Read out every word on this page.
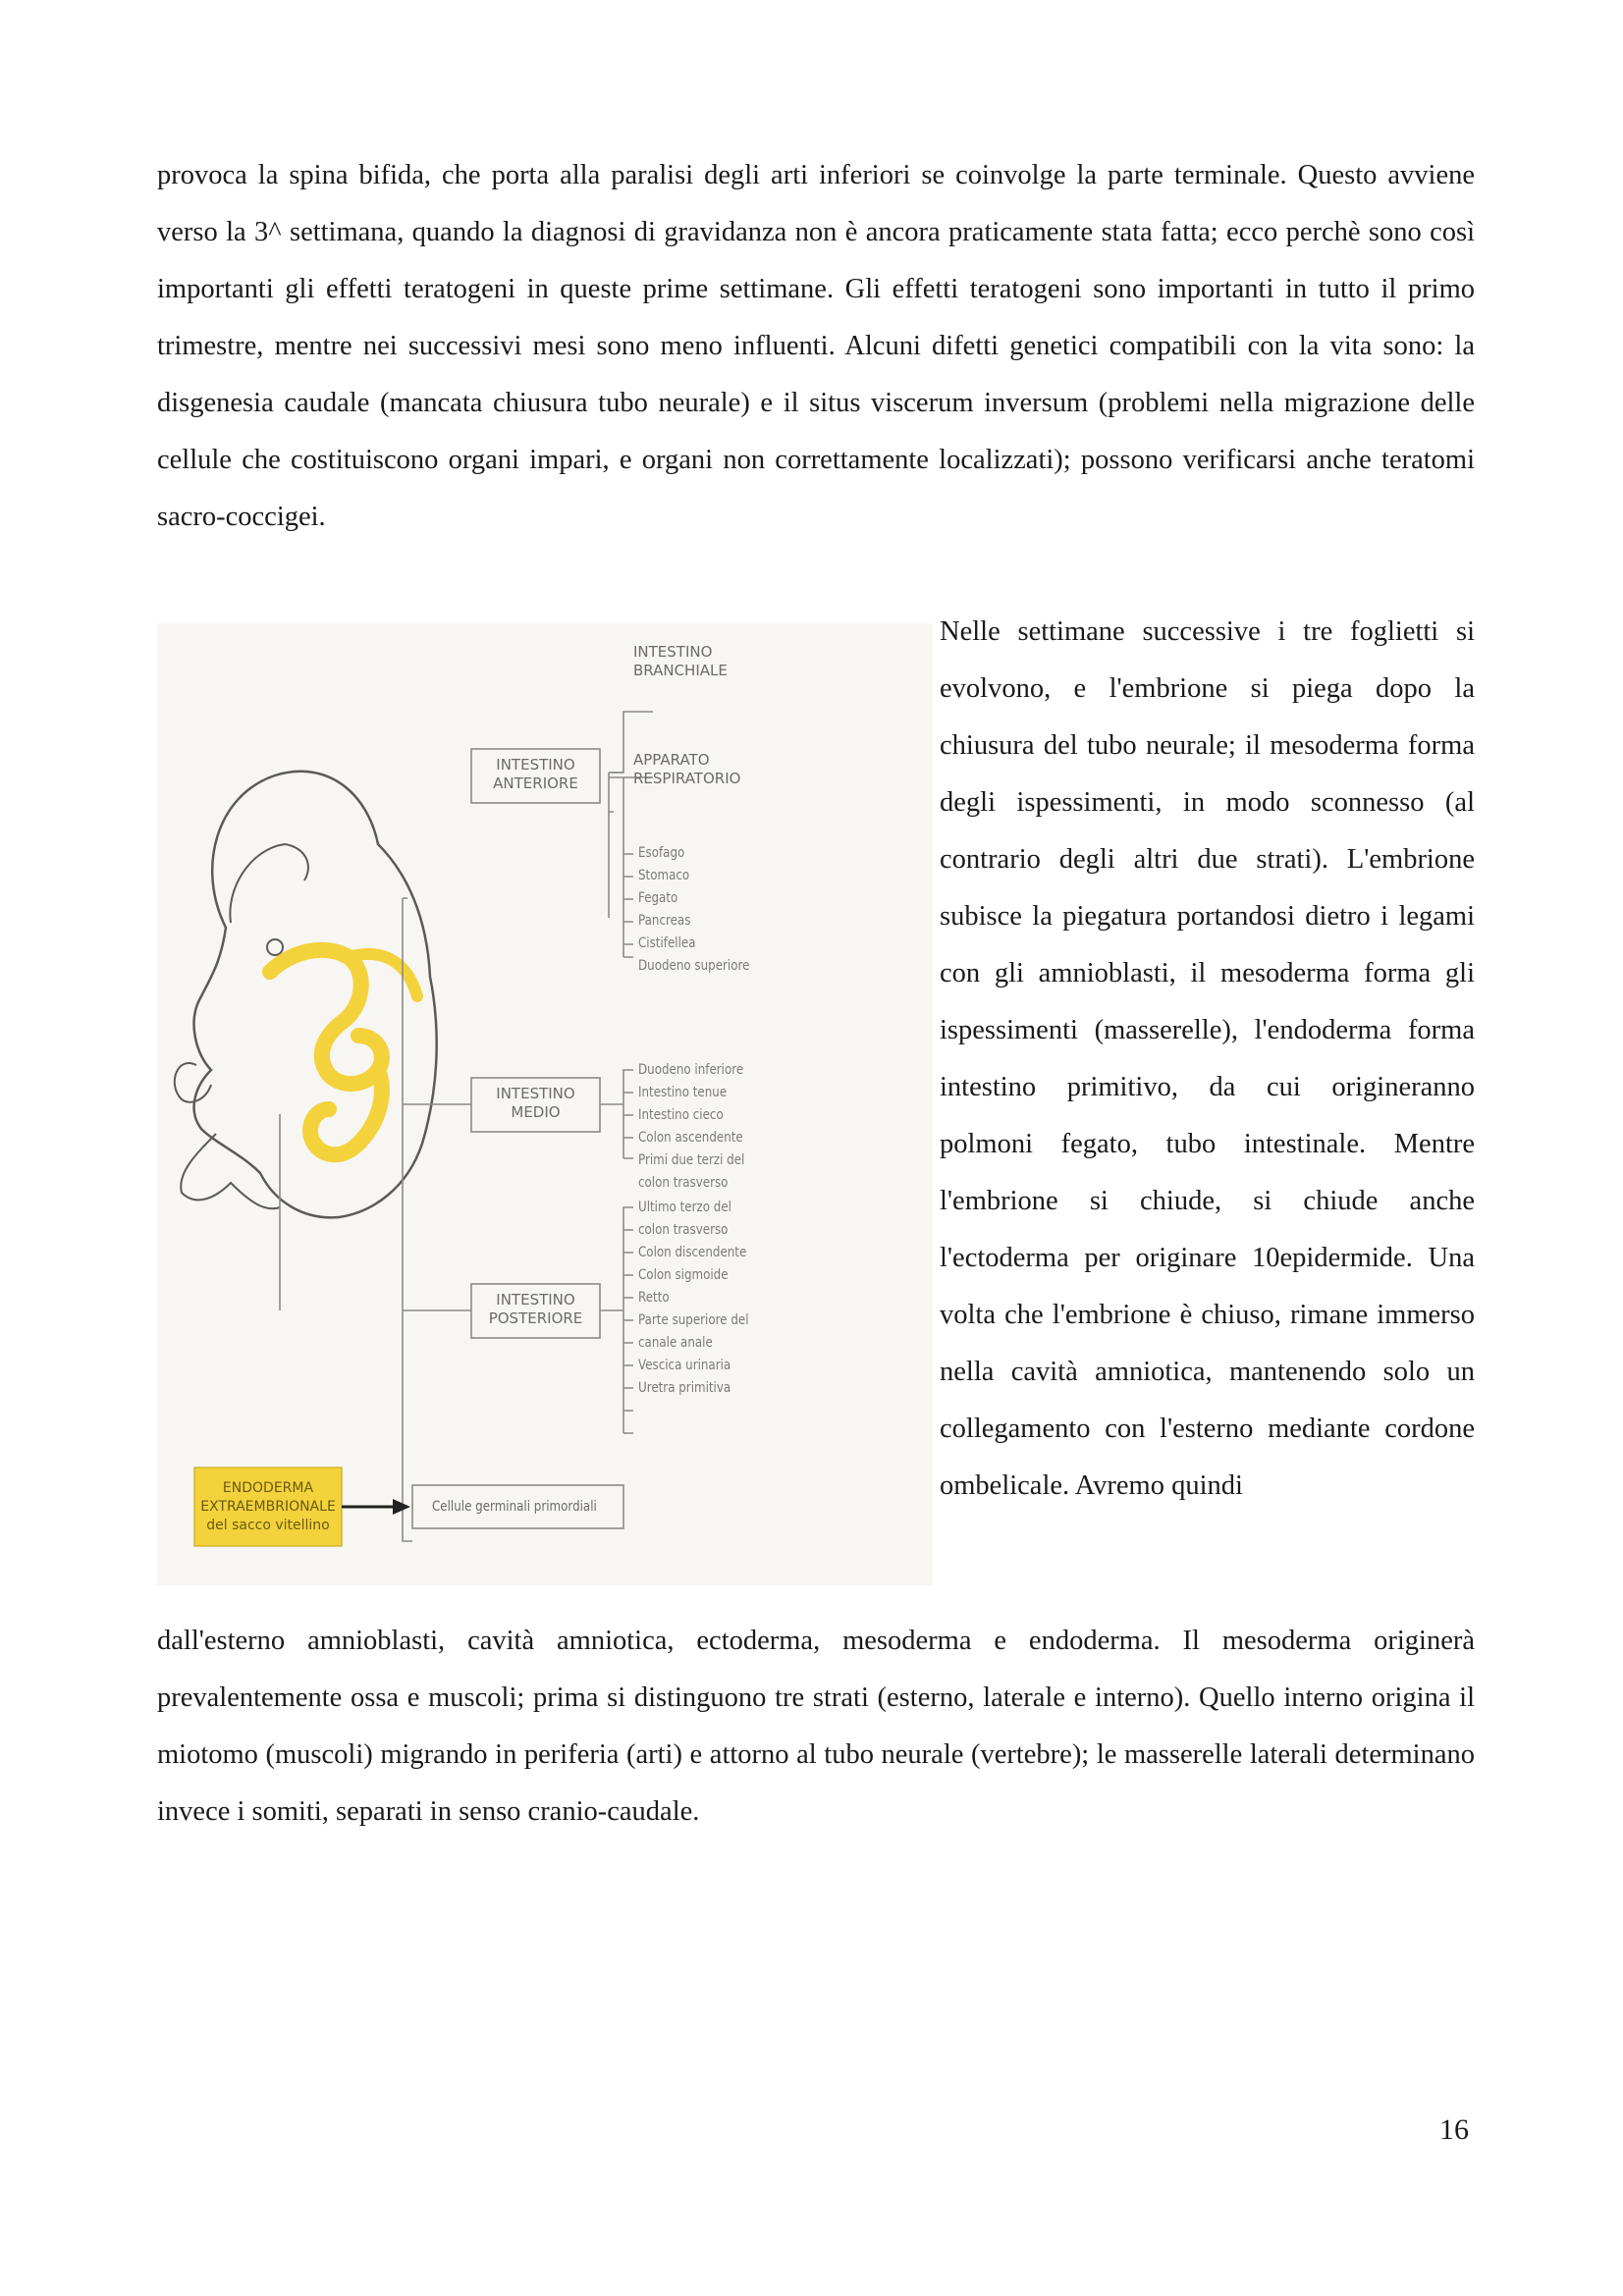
provoca la spina bifida, che porta alla paralisi degli arti inferiori se coinvolge la parte terminale. Questo avviene verso la 3^ settimana, quando la diagnosi di gravidanza non è ancora praticamente stata fatta; ecco perchè sono così importanti gli effetti teratogeni in queste prime settimane. Gli effetti teratogeni sono importanti in tutto il primo trimestre, mentre nei successivi mesi sono meno influenti. Alcuni difetti genetici compatibili con la vita sono: la disgenesia caudale (mancata chiusura tubo neurale) e il situs viscerum inversum (problemi nella migrazione delle cellule che costituiscono organi impari, e organi non correttamente localizzati); possono verificarsi anche teratomi sacro-coccigei.

INTESTINO
BRANCHIALE
INTESTINO
ANTERIORE
APPARATO
RESPIRATORIO
Esofago
Stomaco
Fegato
Pancreas
Cistifellea
Duodeno superiore
INTESTINO
MEDIO
Duodeno inferiore
Intestino tenue
Intestino cieco
Colon ascendente
Primi due terzi del
colon trasverso
INTESTINO
POSTERIORE
Ultimo terzo del
colon trasverso
Colon discendente
Colon sigmoide
Retto
Parte superiore del
canale anale
Vescica urinaria
Uretra primitiva
ENDODERMA
EXTRAEMBRIONALE
del sacco vitellino
Cellule germinali primordiali

Nelle settimane successive i tre foglietti si evolvono, e l'embrione si piega dopo la chiusura del tubo neurale; il mesoderma forma degli ispessimenti, in modo sconnesso (al contrario degli altri due strati). L'embrione subisce la piegatura portandosi dietro i legami con gli amnioblasti, il mesoderma forma gli ispessimenti (masserelle), l'endoderma forma intestino primitivo, da cui origineranno polmoni fegato, tubo intestinale. Mentre l'embrione si chiude, si chiude anche l'ectoderma per originare 10epidermide. Una volta che l'embrione è chiuso, rimane immerso nella cavità amniotica, mantenendo solo un collegamento con l'esterno mediante cordone ombelicale. Avremo quindi

dall'esterno amnioblasti, cavità amniotica, ectoderma, mesoderma e endoderma. Il mesoderma originerà prevalentemente ossa e muscoli; prima si distinguono tre strati (esterno, laterale e interno). Quello interno origina il miotomo (muscoli) migrando in periferia (arti) e attorno al tubo neurale (vertebre); le masserelle laterali determinano invece i somiti, separati in senso cranio-caudale.

16
